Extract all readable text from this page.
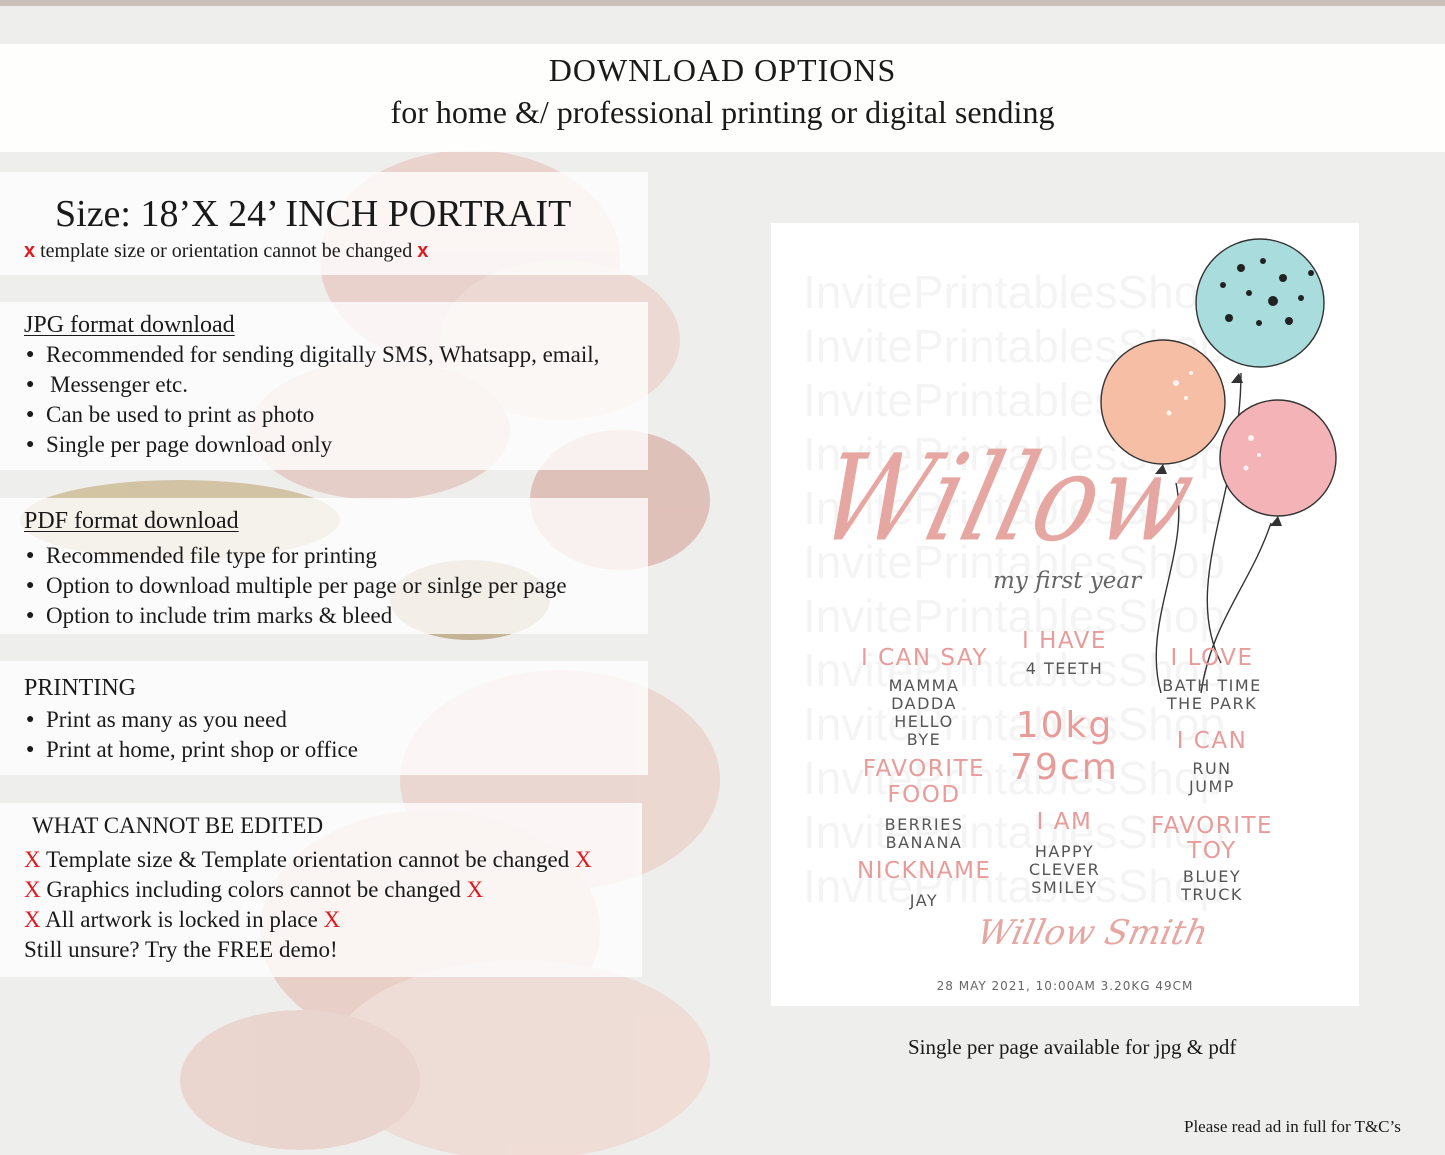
DOWNLOAD OPTIONS
for home &/ professional printing or digital sending
Size: 18’X 24’ INCH PORTRAIT
x template size or orientation cannot be changed x
JPG format download
● Recommended for sending digitally SMS, Whatsapp, email,
● Messenger etc.
● Can be used to print as photo
● Single per page download only
PDF format download
● Recommended file type for printing
● Option to download multiple per page or sinlge per page
● Option to include trim marks & bleed
PRINTING
● Print as many as you need
● Print at home, print shop or office
WHAT CANNOT BE EDITED
X Template size & Template orientation cannot be changed X
X Graphics including colors cannot be changed X
X All artwork is locked in place X
Still unsure? Try the FREE demo!
Willow
my first year
I CAN SAY
MAMMA
DADDA
HELLO
BYE
FAVORITE
FOOD
BERRIES
BANANA
NICKNAME
JAY
I HAVE
4 TEETH
10kg
79cm
I AM
HAPPY
CLEVER
SMILEY
I LOVE
BATH TIME
THE PARK
I CAN
RUN
JUMP
FAVORITE
TOY
BLUEY
TRUCK
Willow Smith
28 MAY 2021, 10:00AM 3.20KG 49CM
Single per page available for jpg & pdf
Please read ad in full for T&C’s
